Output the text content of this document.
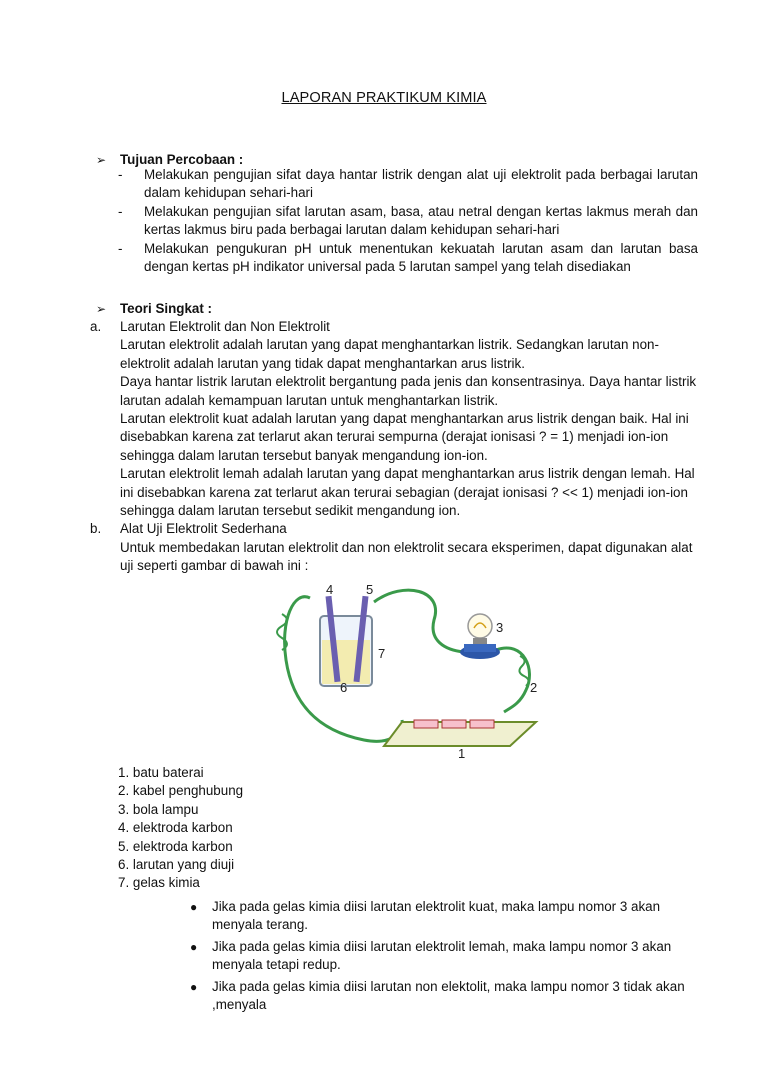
LAPORAN PRAKTIKUM KIMIA
➢ Tujuan Percobaan :
- Melakukan pengujian sifat daya hantar listrik dengan alat uji elektrolit pada berbagai larutan dalam kehidupan sehari-hari
- Melakukan pengujian sifat larutan asam, basa, atau netral dengan kertas lakmus merah dan kertas lakmus biru pada berbagai larutan dalam kehidupan sehari-hari
- Melakukan pengukuran pH untuk menentukan kekuatah larutan asam dan larutan basa dengan kertas pH indikator universal pada 5 larutan sampel yang telah disediakan
➢ Teori Singkat :
a. Larutan Elektrolit dan Non Elektrolit
Larutan elektrolit adalah larutan yang dapat menghantarkan listrik. Sedangkan larutan non-elektrolit adalah larutan yang tidak dapat menghantarkan arus listrik.
Daya hantar listrik larutan elektrolit bergantung pada jenis dan konsentrasinya. Daya hantar listrik larutan adalah kemampuan larutan untuk menghantarkan listrik.
Larutan elektrolit kuat adalah larutan yang dapat menghantarkan arus listrik dengan baik. Hal ini disebabkan karena zat terlarut akan terurai sempurna (derajat ionisasi ? = 1) menjadi ion-ion sehingga dalam larutan tersebut banyak mengandung ion-ion.
Larutan elektrolit lemah adalah larutan yang dapat menghantarkan arus listrik dengan lemah. Hal ini disebabkan karena zat terlarut akan terurai sebagian (derajat ionisasi ? << 1) menjadi ion-ion sehingga dalam larutan tersebut sedikit mengandung ion.
b. Alat Uji Elektrolit Sederhana
Untuk membedakan larutan elektrolit dan non elektrolit secara eksperimen, dapat digunakan alat uji seperti gambar di bawah ini :
1
2
3
4	5
6
7
1. batu baterai
2. kabel penghubung
3. bola lampu
4. elektroda karbon
5. elektroda karbon
6. larutan yang diuji
7. gelas kimia
● Jika pada gelas kimia diisi larutan elektrolit kuat, maka lampu nomor 3 akan menyala terang.
● Jika pada gelas kimia diisi larutan elektrolit lemah, maka lampu nomor 3 akan menyala tetapi redup.
● Jika pada gelas kimia diisi larutan non elektolit, maka lampu nomor 3 tidak akan ,menyala
